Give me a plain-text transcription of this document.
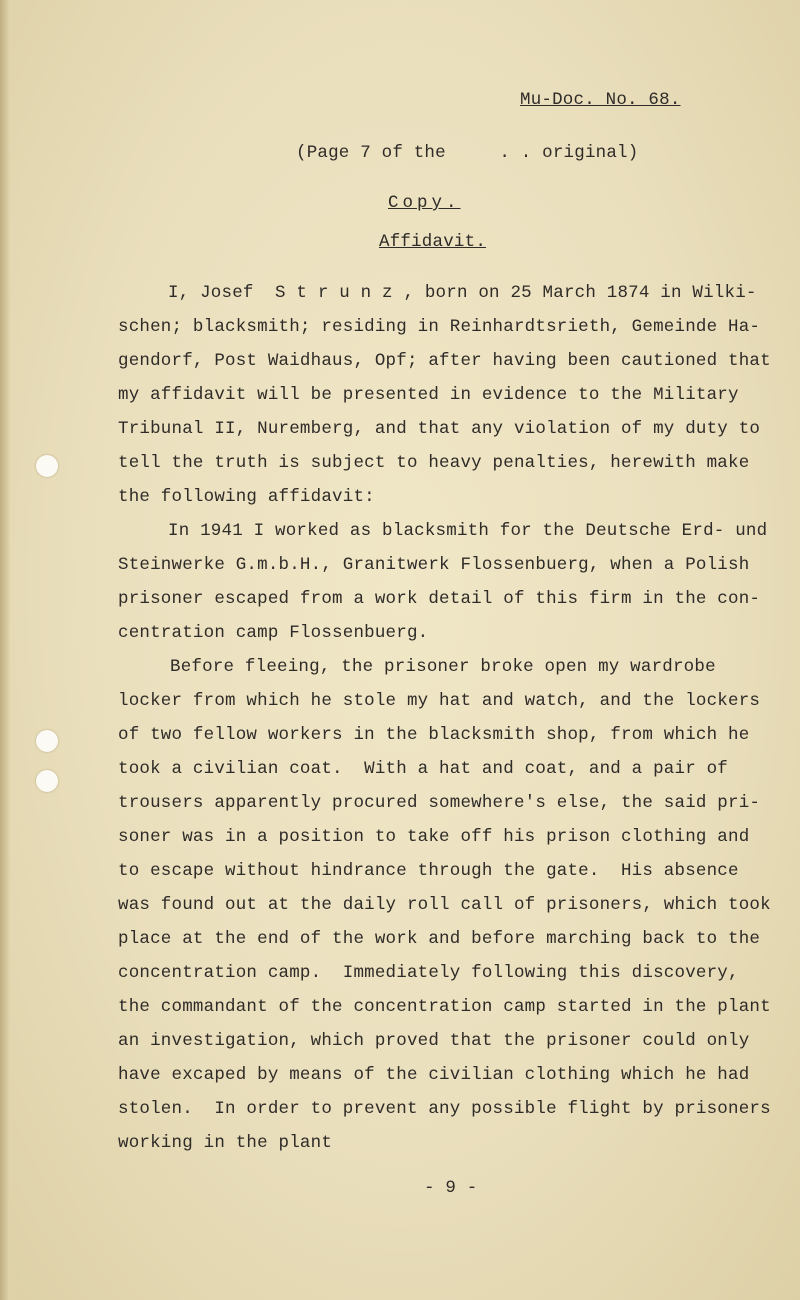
Mu-Doc. No. 68.
(Page 7 of the     . . original)
Copy.
Affidavit.
I, Josef  S t r u n z , born on 25 March 1874 in Wilki-
schen; blacksmith; residing in Reinhardtsrieth, Gemeinde Ha-
gendorf, Post Waidhaus, Opf; after having been cautioned that
my affidavit will be presented in evidence to the Military
Tribunal II, Nuremberg, and that any violation of my duty to
tell the truth is subject to heavy penalties, herewith make
the following affidavit:
In 1941 I worked as blacksmith for the Deutsche Erd- und
Steinwerke G.m.b.H., Granitwerk Flossenbuerg, when a Polish
prisoner escaped from a work detail of this firm in the con-
centration camp Flossenbuerg.
Before fleeing, the prisoner broke open my wardrobe
locker from which he stole my hat and watch, and the lockers
of two fellow workers in the blacksmith shop, from which he
took a civilian coat.  With a hat and coat, and a pair of
trousers apparently procured somewhere's else, the said pri-
soner was in a position to take off his prison clothing and
to escape without hindrance through the gate.  His absence
was found out at the daily roll call of prisoners, which took
place at the end of the work and before marching back to the
concentration camp.  Immediately following this discovery,
the commandant of the concentration camp started in the plant
an investigation, which proved that the prisoner could only
have excaped by means of the civilian clothing which he had
stolen.  In order to prevent any possible flight by prisoners
working in the plant
- 9 -
